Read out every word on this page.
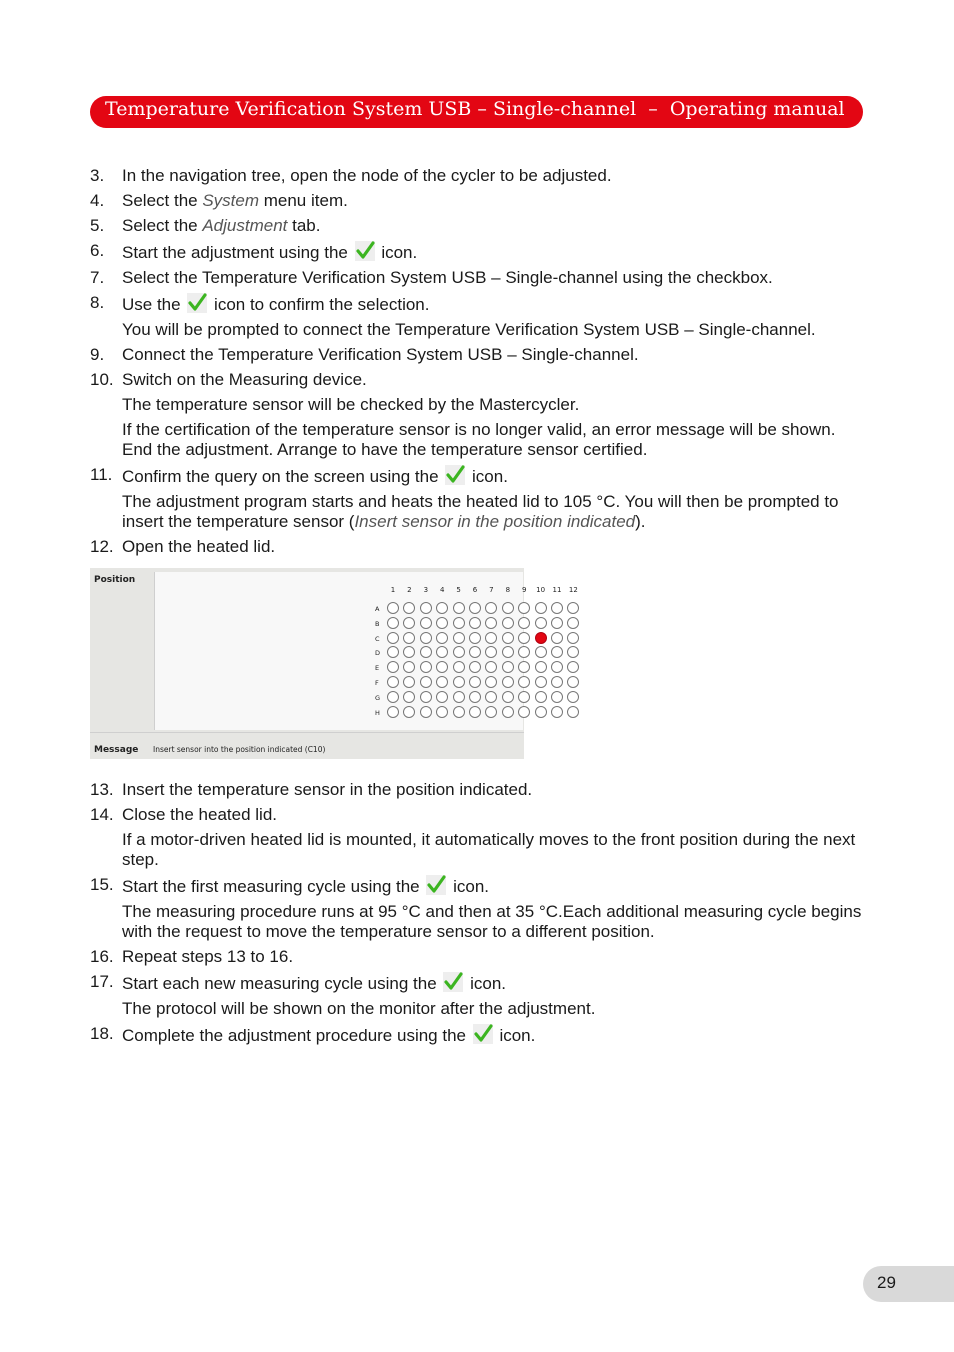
Temperature Verification System USB – Single-channel  –  Operating manual
3.	In the navigation tree, open the node of the cycler to be adjusted.
4.	Select the System menu item.
5.	Select the Adjustment tab.
6.	Start the adjustment using the
icon.
7.	Select the Temperature Verification System USB – Single-channel using the checkbox.
8.	Use the
icon to confirm the selection.
You will be prompted to connect the Temperature Verification System USB – Single-channel.
9.	Connect the Temperature Verification System USB – Single-channel.
10. Switch on the Measuring device.
The temperature sensor will be checked by the Mastercycler.
If the certification of the temperature sensor is no longer valid, an error message will be shown. End the adjustment. Arrange to have the temperature sensor certified.
11. Confirm the query on the screen using the
icon.
The adjustment program starts and heats the heated lid to 105 °C. You will then be prompted to insert the temperature sensor (Insert sensor in the position indicated).
12. Open the heated lid.
Position
1	2	3	4	5	6	7	8	9	10	11	12
A
B
C
D
E
F
G
H
Message Insert sensor into the position indicated (C10)
13. Insert the temperature sensor in the position indicated.
14. Close the heated lid.
If a motor-driven heated lid is mounted, it automatically moves to the front position during the next step.
15. Start the first measuring cycle using the
icon.
The measuring procedure runs at 95 °C and then at 35 °C.Each additional measuring cycle begins with the request to move the temperature sensor to a different position.
16. Repeat steps 13 to 16.
17. Start each new measuring cycle using the
icon.
The protocol will be shown on the monitor after the adjustment.
18. Complete the adjustment procedure using the
icon.
29
